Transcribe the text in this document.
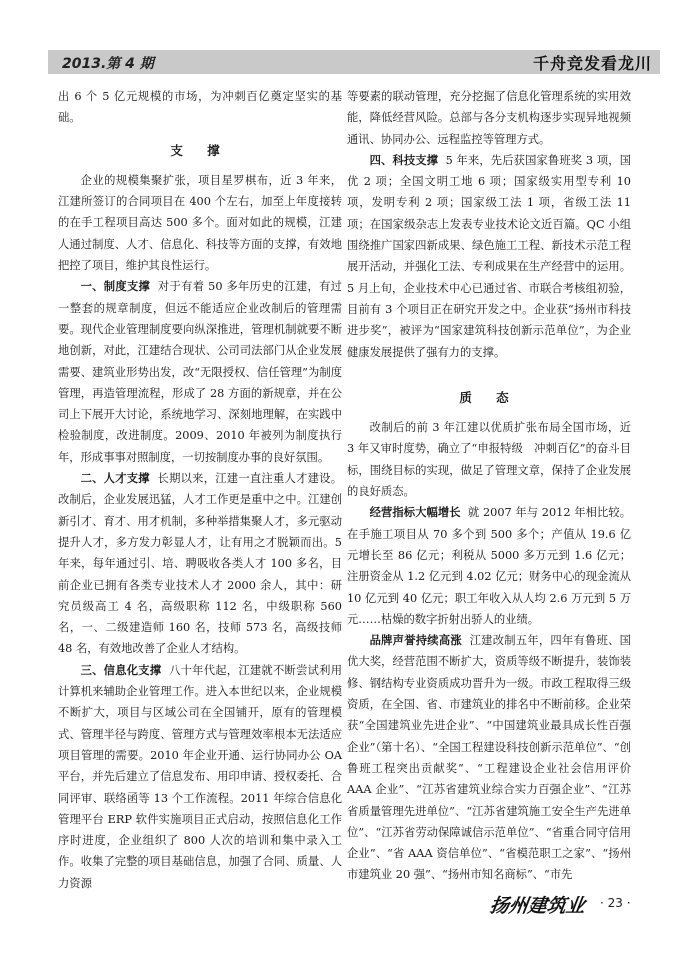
2013.第 4 期	千舟竞发看龙川

出 6 个 5 亿元规模的市场，为冲刺百亿奠定坚实的基础。

支 撑

企业的规模集聚扩张，项目星罗棋布，近 3 年来，江建所签订的合同项目在 400 个左右，加至上年度接转的在手工程项目高达 500 多个。面对如此的规模，江建人通过制度、人才、信息化、科技等方面的支撑，有效地把控了项目，维护其良性运行。

一、制度支撑 对于有着 50 多年历史的江建，有过一整套的规章制度，但远不能适应企业改制后的管理需要。现代企业管理制度要向纵深推进，管理机制就要不断地创新，对此，江建结合现状、公司司法部门从企业发展需要、建筑业形势出发，改“无限授权、信任管理”为制度管理，再造管理流程，形成了 28 方面的新规章，并在公司上下展开大讨论，系统地学习、深刻地理解，在实践中检验制度，改进制度。2009、2010 年被列为制度执行年，形成事事对照制度，一切按制度办事的良好氛围。

二、人才支撑 长期以来，江建一直注重人才建设。改制后，企业发展迅猛，人才工作更是重中之中。江建创新引才、育才、用才机制，多种举措集聚人才，多元驱动提升人才，多方发力彰显人才，让有用之才脱颖而出。5 年来，每年通过引、培、聘吸收各类人才 100 多名，目前企业已拥有各类专业技术人才 2000 余人，其中：研究员级高工 4 名，高级职称 112 名，中级职称 560 名，一、二级建造师 160 名，技师 573 名，高级技师 48 名，有效地改善了企业人才结构。

三、信息化支撑 八十年代起，江建就不断尝试利用计算机来辅助企业管理工作。进入本世纪以来，企业规模不断扩大，项目与区域公司在全国铺开，原有的管理模式、管理半径与跨度、管理方式与管理效率根本无法适应项目管理的需要。2010 年企业开通、运行协同办公 OA 平台，并先后建立了信息发布、用印申请、授权委托、合同评审、联络函等 13 个工作流程。2011 年综合信息化管理平台 ERP 软件实施项目正式启动，按照信息化工作序时进度，企业组织了 800 人次的培训和集中录入工作。收集了完整的项目基础信息，加强了合同、质量、人力资源

等要素的联动管理，充分挖掘了信息化管理系统的实用效能，降低经营风险。总部与各分支机构逐步实现异地视频通讯、协同办公、远程监控等管理方式。

四、科技支撑 5 年来，先后获国家鲁班奖 3 项，国优 2 项；全国文明工地 6 项；国家级实用型专利 10 项，发明专利 2 项；国家级工法 1 项，省级工法 11 项；在国家级杂志上发表专业技术论文近百篇。QC 小组围绕推广国家四新成果、绿色施工工程、新技术示范工程展开活动，并强化工法、专利成果在生产经营中的运用。5 月上旬，企业技术中心已通过省、市联合考核组初验，目前有 3 个项目正在研究开发之中。企业获“扬州市科技进步奖”，被评为“国家建筑科技创新示范单位”，为企业健康发展提供了强有力的支撑。

质 态

改制后的前 3 年江建以优质扩张布局全国市场，近 3 年又审时度势，确立了“申报特级　冲刺百亿”的奋斗目标，围绕目标的实现，做足了管理文章，保持了企业发展的良好质态。

经营指标大幅增长 就 2007 年与 2012 年相比较。在手施工项目从 70 多个到 500 多个；产值从 19.6 亿元增长至 86 亿元；利税从 5000 多万元到 1.6 亿元；注册资金从 1.2 亿元到 4.02 亿元；财务中心的现金流从 10 亿元到 40 亿元；职工年收入从人均 2.6 万元到 5 万元……枯燥的数字折射出骄人的业绩。

品牌声誉持续高涨 江建改制五年，四年有鲁班、国优大奖，经营范围不断扩大，资质等级不断提升，装饰装修、钢结构专业资质成功晋升为一级。市政工程取得三级资质，在全国、省、市建筑业的排名中不断前移。企业荣获“全国建筑业先进企业”、“中国建筑业最具成长性百强企业”（第十名）、“全国工程建设科技创新示范单位”、“创鲁班工程突出贡献奖”、“工程建设企业社会信用评价 AAA 企业”、“江苏省建筑业综合实力百强企业”、“江苏省质量管理先进单位”、“江苏省建筑施工安全生产先进单位”、“江苏省劳动保障诚信示范单位”、“省重合同守信用企业”、“省 AAA 资信单位”、“省模范职工之家”、“扬州市建筑业 20 强”、“扬州市知名商标”、“市先

扬州建筑业 · 23 ·
